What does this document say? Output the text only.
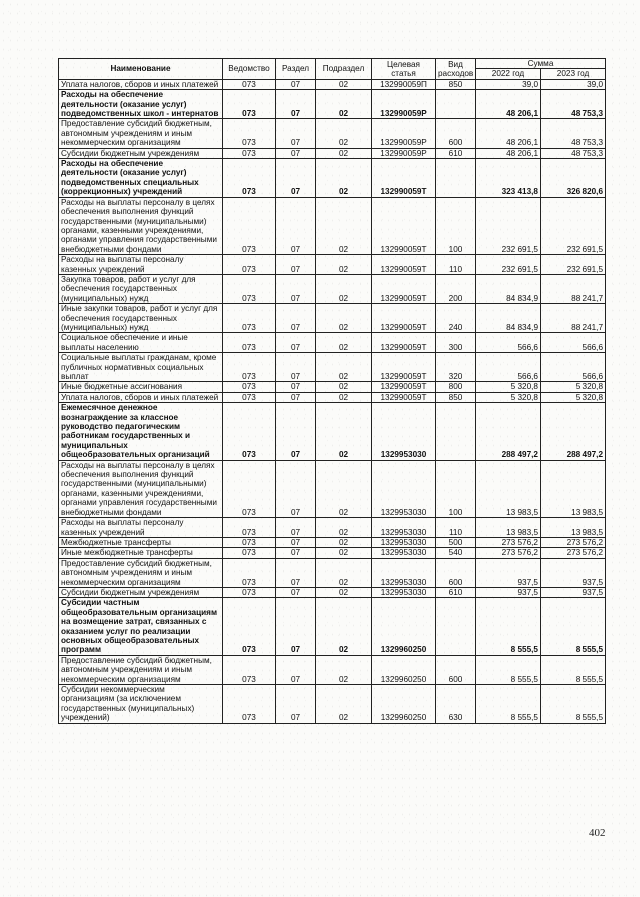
Наименование	Ведомство	Раздел	Подраздел	Целевая статья	Вид расходов	Сумма	
						2022 год	2023 год
Уплата налогов, сборов и иных платежей	073	07	02	132990059П	850	39,0	39,0
Расходы на обеспечение деятельности (оказание услуг) подведомственных школ - интернатов	073	07	02	132990059Р		48 206,1	48 753,3
Предоставление субсидий бюджетным, автономным учреждениям и иным некоммерческим организациям	073	07	02	132990059Р	600	48 206,1	48 753,3
Субсидии бюджетным учреждениям	073	07	02	132990059Р	610	48 206,1	48 753,3
Расходы на обеспечение деятельности (оказание услуг) подведомственных специальных (коррекционных) учреждений	073	07	02	132990059Т		323 413,8	326 820,6
Расходы на выплаты персоналу в целях обеспечения выполнения функций государственными (муниципальными) органами, казенными учреждениями, органами управления государственными внебюджетными фондами	073	07	02	132990059Т	100	232 691,5	232 691,5
Расходы на выплаты персоналу казенных учреждений	073	07	02	132990059Т	110	232 691,5	232 691,5
Закупка товаров, работ и услуг для обеспечения государственных (муниципальных) нужд	073	07	02	132990059Т	200	84 834,9	88 241,7
Иные закупки товаров, работ и услуг для обеспечения государственных (муниципальных) нужд	073	07	02	132990059Т	240	84 834,9	88 241,7
Социальное обеспечение и иные выплаты населению	073	07	02	132990059Т	300	566,6	566,6
Социальные выплаты гражданам, кроме публичных нормативных социальных выплат	073	07	02	132990059Т	320	566,6	566,6
Иные бюджетные ассигнования	073	07	02	132990059Т	800	5 320,8	5 320,8
Уплата налогов, сборов и иных платежей	073	07	02	132990059Т	850	5 320,8	5 320,8
Ежемесячное денежное вознаграждение за классное руководство педагогическим работникам государственных и муниципальных общеобразовательных организаций	073	07	02	1329953030		288 497,2	288 497,2
Расходы на выплаты персоналу в целях обеспечения выполнения функций государственными (муниципальными) органами, казенными учреждениями, органами управления государственными внебюджетными фондами	073	07	02	1329953030	100	13 983,5	13 983,5
Расходы на выплаты персоналу казенных учреждений	073	07	02	1329953030	110	13 983,5	13 983,5
Межбюджетные трансферты	073	07	02	1329953030	500	273 576,2	273 576,2
Иные межбюджетные трансферты	073	07	02	1329953030	540	273 576,2	273 576,2
Предоставление субсидий бюджетным, автономным учреждениям и иным некоммерческим организациям	073	07	02	1329953030	600	937,5	937,5
Субсидии бюджетным учреждениям	073	07	02	1329953030	610	937,5	937,5
Субсидии частным общеобразовательным организациям на возмещение затрат, связанных с оказанием услуг по реализации основных общеобразовательных программ	073	07	02	1329960250		8 555,5	8 555,5
Предоставление субсидий бюджетным, автономным учреждениям и иным некоммерческим организациям	073	07	02	1329960250	600	8 555,5	8 555,5
Субсидии некоммерческим организациям (за исключением государственных (муниципальных) учреждений)	073	07	02	1329960250	630	8 555,5	8 555,5
402
